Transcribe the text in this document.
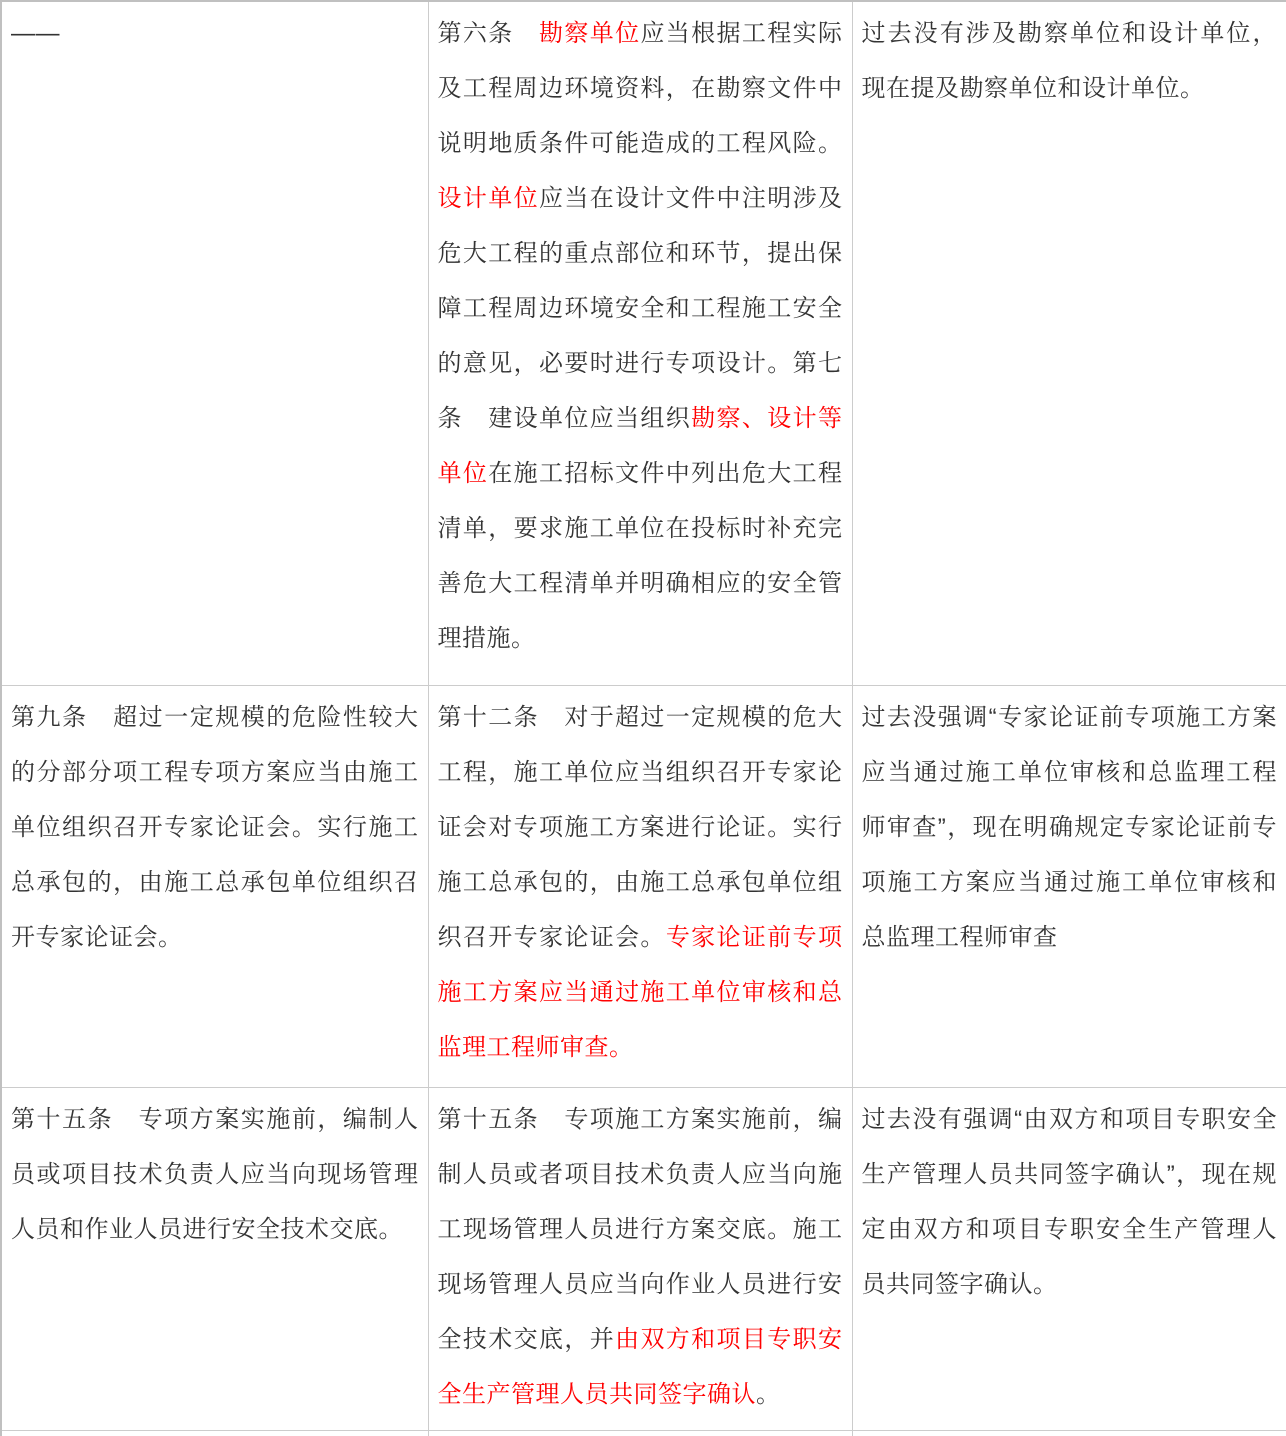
——	第六条　勘察单位应当根据工程实际及工程周边环境资料，在勘察文件中说明地质条件可能造成的工程风险。设计单位应当在设计文件中注明涉及危大工程的重点部位和环节，提出保障工程周边环境安全和工程施工安全的意见，必要时进行专项设计。第七条　建设单位应当组织勘察、设计等单位在施工招标文件中列出危大工程清单，要求施工单位在投标时补充完善危大工程清单并明确相应的安全管理措施。	过去没有涉及勘察单位和设计单位，现在提及勘察单位和设计单位。
第九条　超过一定规模的危险性较大的分部分项工程专项方案应当由施工单位组织召开专家论证会。实行施工总承包的，由施工总承包单位组织召开专家论证会。	第十二条　对于超过一定规模的危大工程，施工单位应当组织召开专家论证会对专项施工方案进行论证。实行施工总承包的，由施工总承包单位组织召开专家论证会。专家论证前专项施工方案应当通过施工单位审核和总监理工程师审查。	过去没强调“专家论证前专项施工方案应当通过施工单位审核和总监理工程师审查”，现在明确规定专家论证前专项施工方案应当通过施工单位审核和总监理工程师审查
第十五条　专项方案实施前，编制人员或项目技术负责人应当向现场管理人员和作业人员进行安全技术交底。	第十五条　专项施工方案实施前，编制人员或者项目技术负责人应当向施工现场管理人员进行方案交底。施工现场管理人员应当向作业人员进行安全技术交底，并由双方和项目专职安全生产管理人员共同签字确认。	过去没有强调“由双方和项目专职安全生产管理人员共同签字确认”，现在规定由双方和项目专职安全生产管理人员共同签字确认。
